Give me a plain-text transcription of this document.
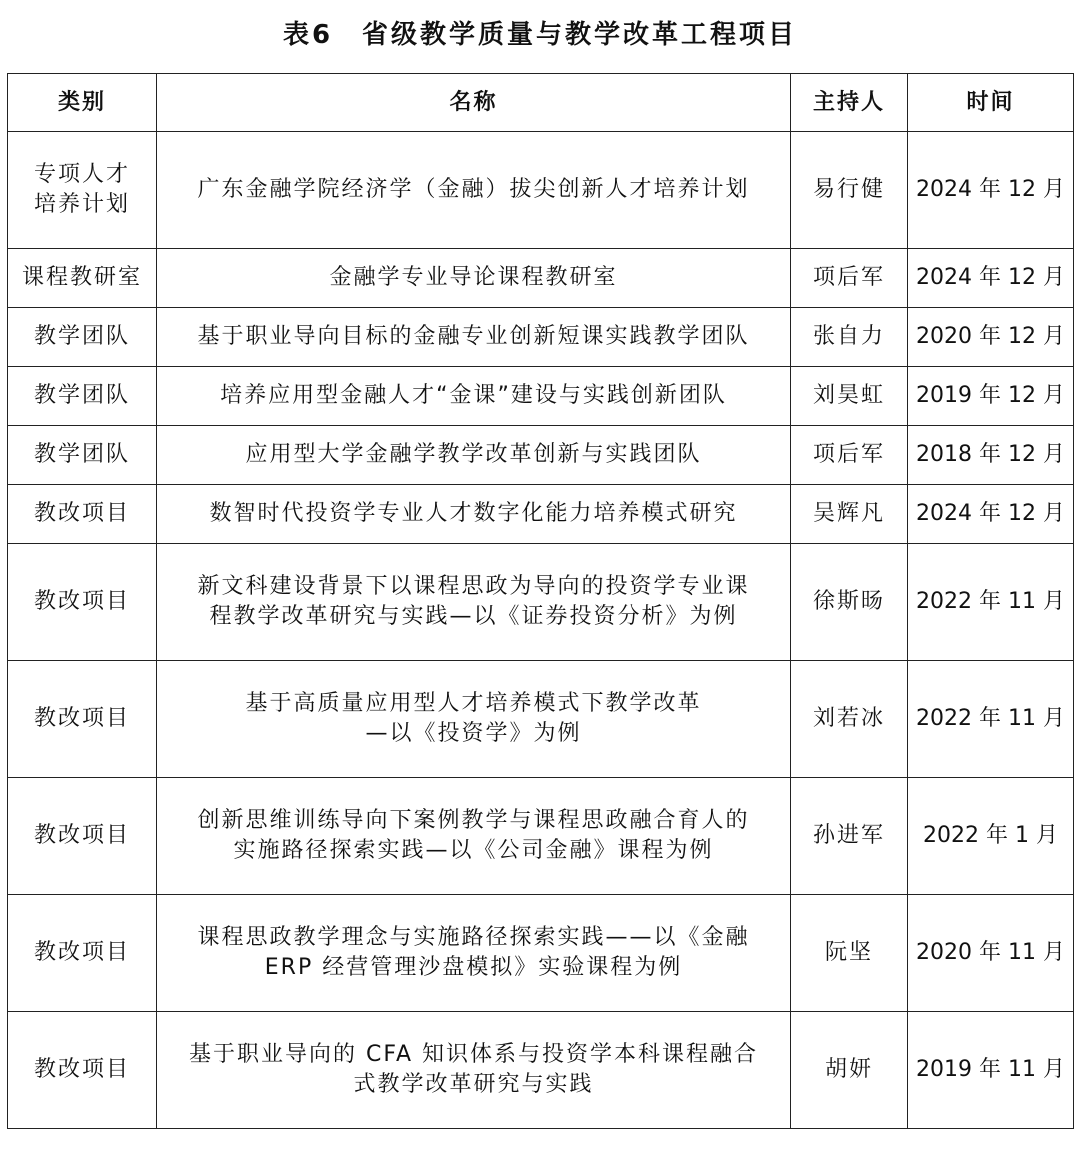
表6　省级教学质量与教学改革工程项目
类别	名称	主持人	时间

专项人才
培养计划	广东金融学院经济学（金融）拔尖创新人才培养计划	易行健	2024 年 12 月

课程教研室	金融学专业导论课程教研室	项后军	2024 年 12 月

教学团队	基于职业导向目标的金融专业创新短课实践教学团队	张自力	2020 年 12 月

教学团队	培养应用型金融人才“金课”建设与实践创新团队	刘昊虹	2019 年 12 月

教学团队	应用型大学金融学教学改革创新与实践团队	项后军	2018 年 12 月

教改项目	数智时代投资学专业人才数字化能力培养模式研究	吴辉凡	2024 年 12 月

教改项目	新文科建设背景下以课程思政为导向的投资学专业课
程教学改革研究与实践—以《证券投资分析》为例	徐斯旸	2022 年 11 月

教改项目	基于高质量应用型人才培养模式下教学改革
—以《投资学》为例	刘若冰	2022 年 11 月

教改项目	创新思维训练导向下案例教学与课程思政融合育人的
实施路径探索实践—以《公司金融》课程为例	孙进军	2022 年 1 月

教改项目	课程思政教学理念与实施路径探索实践——以《金融
ERP 经营管理沙盘模拟》实验课程为例	阮坚	2020 年 11 月

教改项目	基于职业导向的 CFA 知识体系与投资学本科课程融合
式教学改革研究与实践	胡妍	2019 年 11 月
